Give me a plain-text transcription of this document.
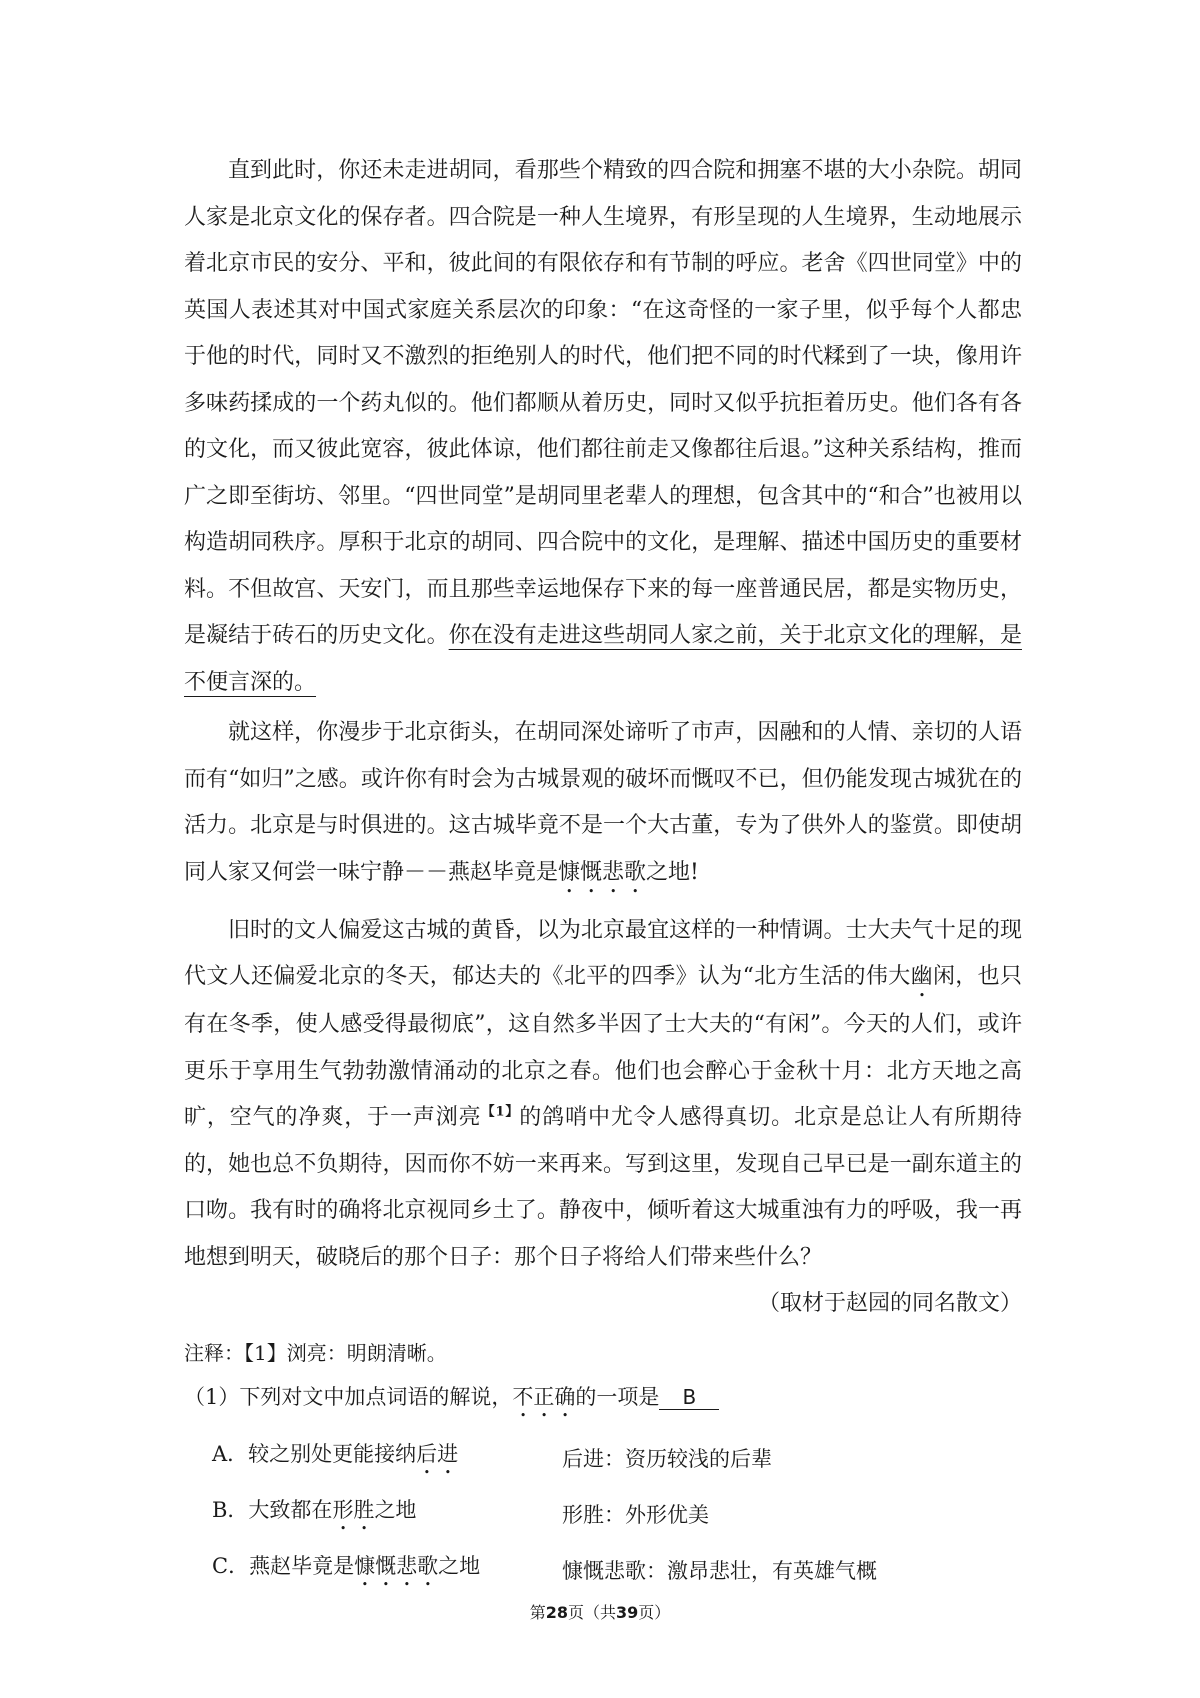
直到此时，你还未走进胡同，看那些个精致的四合院和拥塞不堪的大小杂院。胡同人家是北京文化的保存者。四合院是一种人生境界，有形呈现的人生境界，生动地展示着北京市民的安分、平和，彼此间的有限依存和有节制的呼应。老舍《四世同堂》中的英国人表述其对中国式家庭关系层次的印象：“在这奇怪的一家子里，似乎每个人都忠于他的时代，同时又不激烈的拒绝别人的时代，他们把不同的时代糅到了一块，像用许多味药揉成的一个药丸似的。他们都顺从着历史，同时又似乎抗拒着历史。他们各有各的文化，而又彼此宽容，彼此体谅，他们都往前走又像都往后退。”这种关系结构，推而广之即至街坊、邻里。“四世同堂”是胡同里老辈人的理想，包含其中的“和合”也被用以构造胡同秩序。厚积于北京的胡同、四合院中的文化，是理解、描述中国历史的重要材料。不但故宫、天安门，而且那些幸运地保存下来的每一座普通民居，都是实物历史，是凝结于砖石的历史文化。你在没有走进这些胡同人家之前，关于北京文化的理解，是不便言深的。

就这样，你漫步于北京街头，在胡同深处谛听了市声，因融和的人情、亲切的人语而有“如归”之感。或许你有时会为古城景观的破坏而慨叹不已，但仍能发现古城犹在的活力。北京是与时俱进的。这古城毕竟不是一个大古董，专为了供外人的鉴赏。即使胡同人家又何尝一味宁静－－燕赵毕竟是慷慨悲歌之地!

旧时的文人偏爱这古城的黄昏，以为北京最宜这样的一种情调。士大夫气十足的现代文人还偏爱北京的冬天，郁达夫的《北平的四季》认为“北方生活的伟大幽闲，也只有在冬季，使人感受得最彻底”，这自然多半因了士大夫的“有闲”。今天的人们，或许更乐于享用生气勃勃激情涌动的北京之春。他们也会醉心于金秋十月：北方天地之高旷，空气的净爽，于一声浏亮$^{【1】}$的鸽哨中尤令人感得真切。北京是总让人有所期待的，她也总不负期待，因而你不妨一来再来。写到这里，发现自己早已是一副东道主的口吻。我有时的确将北京视同乡土了。静夜中，倾听着这大城重浊有力的呼吸，我一再地想到明天，破晓后的那个日子：那个日子将给人们带来些什么？

（取材于赵园的同名散文）
注释：【1】浏亮：明朗清晰。
（1）下列对文中加点词语的解说，不正确的一项是 B
A．较之别处更能接纳后进	后进：资历较浅的后辈
B．大致都在形胜之地	形胜：外形优美
C．燕赵毕竟是慷慨悲歌之地	慷慨悲歌：激昂悲壮，有英雄气概
第28页（共39页）
